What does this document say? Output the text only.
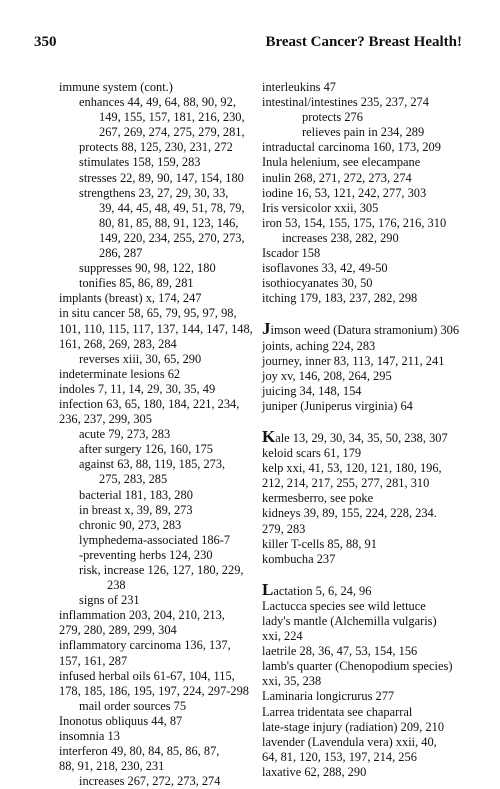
350	Breast Cancer? Breast Health!
immune system (cont.)
enhances 44, 49, 64, 88, 90, 92,
149, 155, 157, 181, 216, 230,
267, 269, 274, 275, 279, 281,
protects 88, 125, 230, 231, 272
stimulates 158, 159, 283
stresses 22, 89, 90, 147, 154, 180
strengthens 23, 27, 29, 30, 33,
39, 44, 45, 48, 49, 51, 78, 79,
80, 81, 85, 88, 91, 123, 146,
149, 220, 234, 255, 270, 273,
286, 287
suppresses 90, 98, 122, 180
tonifies 85, 86, 89, 281
implants (breast) x, 174, 247
in situ cancer 58, 65, 79, 95, 97, 98,
101, 110, 115, 117, 137, 144, 147, 148,
161, 268, 269, 283, 284
reverses xiii, 30, 65, 290
indeterminate lesions 62
indoles 7, 11, 14, 29, 30, 35, 49
infection 63, 65, 180, 184, 221, 234,
236, 237, 299, 305
acute 79, 273, 283
after surgery 126, 160, 175
against 63, 88, 119, 185, 273,
275, 283, 285
bacterial 181, 183, 280
in breast x, 39, 89, 273
chronic 90, 273, 283
lymphedema-associated 186-7
-preventing herbs 124, 230
risk, increase 126, 127, 180, 229,
238
signs of 231
inflammation 203, 204, 210, 213,
279, 280, 289, 299, 304
inflammatory carcinoma 136, 137,
157, 161, 287
infused herbal oils 61-67, 104, 115,
178, 185, 186, 195, 197, 224, 297-298
mail order sources 75
Inonotus obliquus 44, 87
insomnia 13
interferon 49, 80, 84, 85, 86, 87,
88, 91, 218, 230, 231
increases 267, 272, 273, 274
interleukins 47
intestinal/intestines 235, 237, 274
protects 276
relieves pain in 234, 289
intraductal carcinoma 160, 173, 209
Inula helenium, see elecampane
inulin 268, 271, 272, 273, 274
iodine 16, 53, 121, 242, 277, 303
Iris versicolor xxii, 305
iron 53, 154, 155, 175, 176, 216, 310
increases 238, 282, 290
Iscador 158
isoflavones 33, 42, 49-50
isothiocyanates 30, 50
itching 179, 183, 237, 282, 298
Jimson weed (Datura stramonium) 306
joints, aching 224, 283
journey, inner 83, 113, 147, 211, 241
joy xv, 146, 208, 264, 295
juicing 34, 148, 154
juniper (Juniperus virginia) 64
Kale 13, 29, 30, 34, 35, 50, 238, 307
keloid scars 61, 179
kelp xxi, 41, 53, 120, 121, 180, 196,
212, 214, 217, 255, 277, 281, 310
kermesberro, see poke
kidneys 39, 89, 155, 224, 228, 234.
279, 283
killer T-cells 85, 88, 91
kombucha 237
Lactation 5, 6, 24, 96
Lactucca species see wild lettuce
lady's mantle (Alchemilla vulgaris)
xxi, 224
laetrile 28, 36, 47, 53, 154, 156
lamb's quarter (Chenopodium species)
xxi, 35, 238
Laminaria longicrurus 277
Larrea tridentata see chaparral
late-stage injury (radiation) 209, 210
lavender (Lavendula vera) xxii, 40,
64, 81, 120, 153, 197, 214, 256
laxative 62, 288, 290
